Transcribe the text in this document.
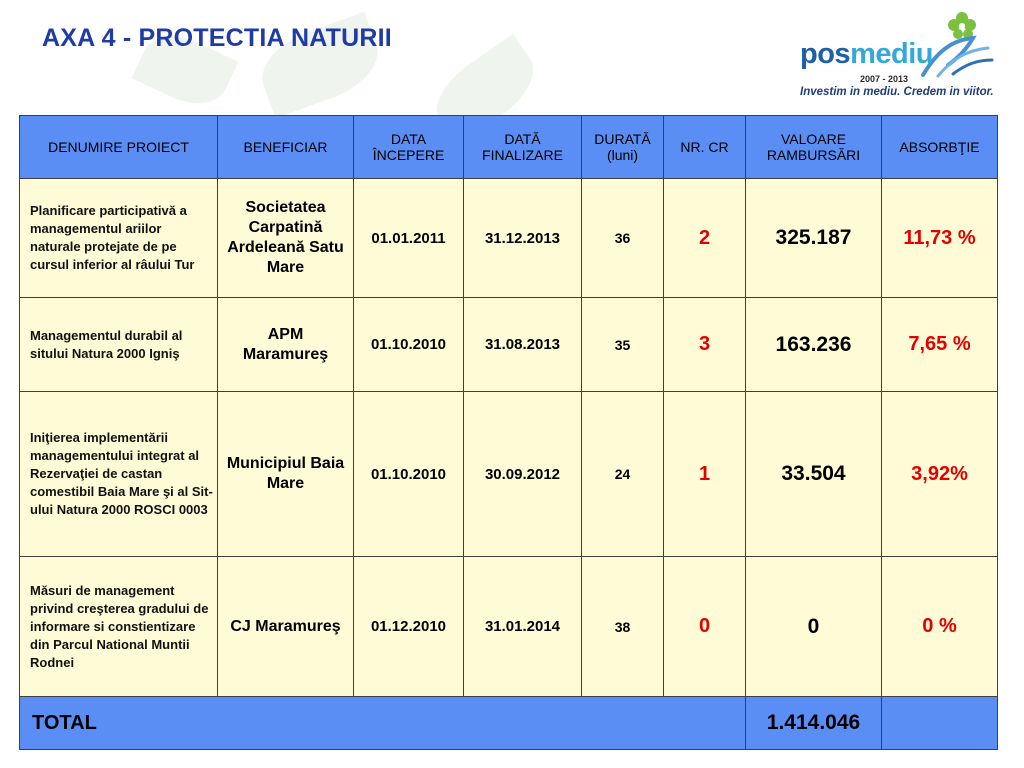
AXA 4 - PROTECTIA NATURII	posmediu
2007 - 2013
Investim in mediu. Credem in viitor.
DENUMIRE PROIECT	BENEFICIAR	DATA ÎNCEPERE	DATĂ FINALIZARE	DURATĂ (luni)	NR. CR	VALOARE RAMBURSĂRI	ABSORBŢIE
Planificare participativă a managementul ariilor naturale protejate de pe cursul inferior al râului Tur	Societatea Carpatină Ardeleană Satu Mare	01.01.2011	31.12.2013	36	2	325.187	11,73 %
Managementul durabil al sitului Natura 2000 Igniş	APM Maramureş	01.10.2010	31.08.2013	35	3	163.236	7,65 %
Iniţierea implementării managementului integrat al Rezervaţiei de castan comestibil Baia Mare şi al Sit-ului Natura 2000 ROSCI 0003	Municipiul Baia Mare	01.10.2010	30.09.2012	24	1	33.504	3,92%
Măsuri de management privind creşterea gradului de informare si constientizare din Parcul National Muntii Rodnei	CJ Maramureş	01.12.2010	31.01.2014	38	0	0	0 %
TOTAL						1.414.046	
